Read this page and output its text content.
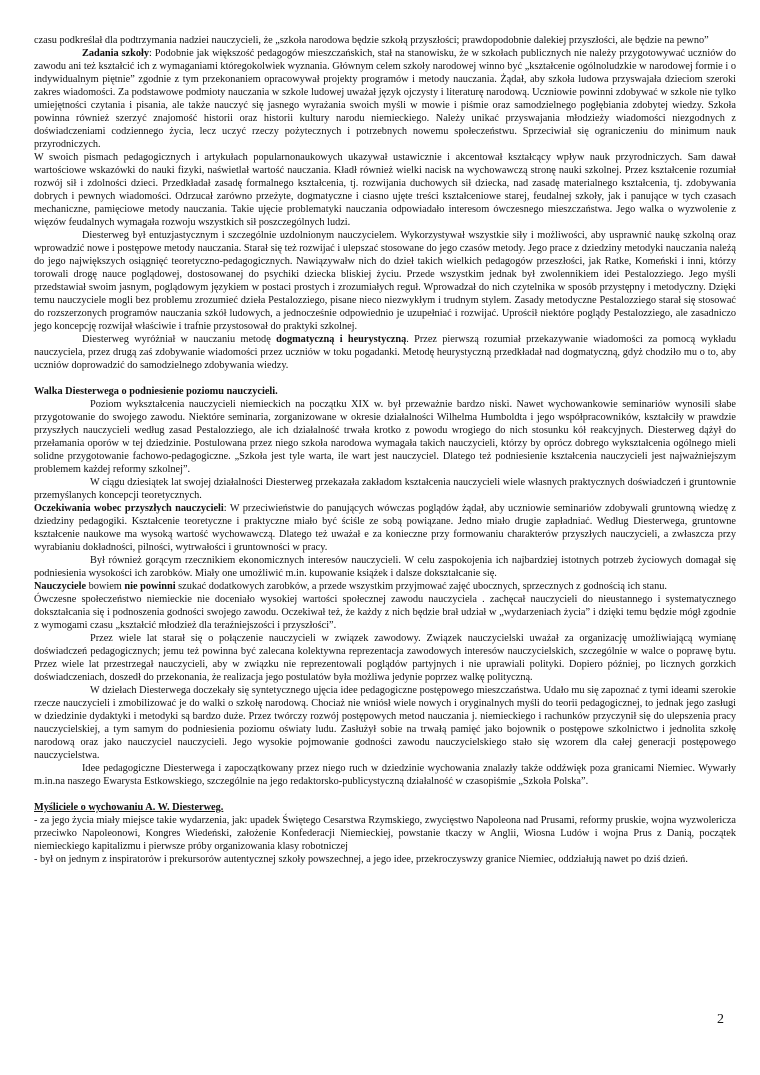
czasu podkreślał dla podtrzymania nadziei nauczycieli, że „szkoła narodowa będzie szkołą przyszłości; prawdopodobnie dalekiej przyszłości, ale będzie na pewno”

Zadania szkoły: Podobnie jak większość pedagogów mieszczańskich, stał na stanowisku, że w szkołach publicznych nie należy przygotowywać uczniów do zawodu ani też kształcić ich z wymaganiami któregokolwiek wyznania. Głównym celem szkoły narodowej winno być „kształcenie ogólnoludzkie w narodowej formie i o indywidualnym piętnie” zgodnie z tym przekonaniem opracowywał projekty programów i metody nauczania. Żądał, aby szkoła ludowa przyswajała dzieciom szeroki zakres wiadomości. Za podstawowe podmioty nauczania w szkole ludowej uważał język ojczysty i literaturę narodową. Uczniowie powinni zdobywać w szkole nie tylko umiejętności czytania i pisania, ale także nauczyć się jasnego wyrażania swoich myśli w mowie i piśmie oraz samodzielnego pogłębiania zdobytej wiedzy. Szkoła powinna również szerzyć znajomość historii oraz historii kultury narodu niemieckiego. Należy unikać przyswajania młodzieży wiadomości niezgodnych z doświadczeniami codziennego życia, lecz uczyć rzeczy pożytecznych i potrzebnych nowemu społeczeństwu. Sprzeciwiał się ograniczeniu do minimum nauk przyrodniczych.

W swoich pismach pedagogicznych i artykułach popularnonaukowych ukazywał ustawicznie i akcentował kształcący wpływ nauk przyrodniczych. Sam dawał wartościowe wskazówki do nauki fizyki, naświetlał wartość nauczania. Kładł również wielki nacisk na wychowawczą stronę nauki szkolnej. Przez kształcenie rozumiał rozwój sił i zdolności dzieci. Przedkładał zasadę formalnego kształcenia, tj. rozwijania duchowych sił dziecka, nad zasadę materialnego kształcenia, tj. zdobywania dobrych i pewnych wiadomości. Odrzucał zarówno przeżyte, dogmatyczne i ciasno ujęte treści kształceniowe starej, feudalnej szkoły, jak i panujące w tych czasach mechaniczne, pamięciowe metody nauczania. Takie ujęcie problematyki nauczania odpowiadało interesom ówczesnego mieszczaństwa. Jego walka o wyzwolenie z więzów feudalnych wymagała rozwoju wszystkich sił poszczególnych ludzi.

Diesterweg był entuzjastycznym i szczególnie uzdolnionym nauczycielem. Wykorzystywał wszystkie siły i możliwości, aby usprawnić naukę szkolną oraz wprowadzić nowe i postępowe metody nauczania. Starał się też rozwijać i ulepszać stosowane do jego czasów metody. Jego prace z dziedziny metodyki nauczania należą do jego największych osiągnięć teoretyczno-pedagogicznych. Nawiązywałw nich do dzieł takich wielkich pedagogów przeszłości, jak Ratke, Komeński i inni, którzy torowali drogę nauce poglądowej, dostosowanej do psychiki dziecka bliskiej życiu. Przede wszystkim jednak był zwolennikiem idei Pestalozziego. Jego myśli przedstawiał swoim jasnym, poglądowym językiem w postaci prostych i zrozumiałych reguł. Wprowadzał do nich czytelnika w sposób przystępny i metodyczny. Dzięki temu nauczyciele mogli bez problemu zrozumieć dzieła Pestalozziego, pisane nieco niezwykłym i trudnym stylem. Zasady metodyczne Pestalozziego starał się stosować do rozszerzonych programów nauczania szkół ludowych, a jednocześnie odpowiednio je uzupełniać i rozwijać. Uprościł niektóre poglądy Pestalozziego, ale zasadniczo jego koncepcję rozwijał właściwie i trafnie przystosował do praktyki szkolnej.

Diesterweg wyróżniał w nauczaniu metodę dogmatyczną i heurystyczną. Przez pierwszą rozumiał przekazywanie wiadomości za pomocą wykładu nauczyciela, przez drugą zaś zdobywanie wiadomości przez uczniów w toku pogadanki. Metodę heurystyczną przedkładał nad dogmatyczną, gdyż chodziło mu o to, aby uczniów doprowadzić do samodzielnego zdobywania wiedzy.

Walka Diesterwega o podniesienie poziomu nauczycieli.

Poziom wykształcenia nauczycieli niemieckich na początku XIX w. był przeważnie bardzo niski. Nawet wychowankowie seminariów wynosili słabe przygotowanie do swojego zawodu. Niektóre seminaria, zorganizowane w okresie działalności Wilhelma Humboldta i jego współpracowników, kształciły w prawdzie przyszłych nauczycieli według zasad Pestalozziego, ale ich działalność trwała krotko z powodu wrogiego do nich stosunku kół reakcyjnych. Diesterweg dążył do przełamania oporów w tej dziedzinie. Postulowana przez niego szkoła narodowa wymagała takich nauczycieli, którzy by oprócz dobrego wykształcenia ogólnego mieli solidne przygotowanie fachowo-pedagogiczne. „Szkoła jest tyle warta, ile wart jest nauczyciel. Dlatego też podniesienie kształcenia nauczycieli jest najważniejszym problemem każdej reformy szkolnej”.

W ciągu dziesiątek lat swojej działalności Diesterweg przekazała zakładom kształcenia nauczycieli wiele własnych praktycznych doświadczeń i gruntownie przemyślanych koncepcji teoretycznych.

Oczekiwania wobec przyszłych nauczycieli: W przeciwieństwie do panujących wówczas poglądów żądał, aby uczniowie seminariów zdobywali gruntowną wiedzę z dziedziny pedagogiki. Kształcenie teoretyczne i praktyczne miało być ściśle ze sobą powiązane. Jedno miało drugie zapładniać. Według Diesterwega, gruntowne kształcenie naukowe ma wysoką wartość wychowawczą. Dlatego też uważał e za konieczne przy formowaniu charakterów przyszłych nauczycieli, a zwłaszcza przy wyrabianiu dokładności, pilności, wytrwałości i gruntowności w pracy.

Był również gorącym rzecznikiem ekonomicznych interesów nauczycieli. W celu zaspokojenia ich najbardziej istotnych potrzeb życiowych domagał się podniesienia wysokości ich zarobków. Miały one umożliwić m.in. kupowanie książek i dalsze dokształcanie się.

Nauczyciele bowiem nie powinni szukać dodatkowych zarobków, a przede wszystkim przyjmować zajęć ubocznych, sprzecznych z godnością ich stanu.

Ówczesne społeczeństwo niemieckie nie doceniało wysokiej wartości społecznej zawodu nauczyciela . zachęcał nauczycieli do nieustannego i systematycznego dokształcania się i podnoszenia godności swojego zawodu. Oczekiwał też, że każdy z nich będzie brał udział w „wydarzeniach życia” i dzięki temu będzie mógł zgodnie z wymogami czasu „kształcić młodzież dla teraźniejszości i przyszłości”.

Przez wiele lat starał się o połączenie nauczycieli w związek zawodowy. Związek nauczycielski uważał za organizację umożliwiającą wymianę doświadczeń pedagogicznych; jemu też powinna być zalecana kolektywna reprezentacja zawodowych interesów nauczycielskich, szczególnie w walce o poprawę bytu. Przez wiele lat przestrzegał nauczycieli, aby w związku nie reprezentowali poglądów partyjnych i nie uprawiali polityki. Dopiero później, po licznych gorzkich doświadczeniach, doszedł do przekonania, że realizacja jego postulatów była możliwa jedynie poprzez walkę polityczną.

W dziełach Diesterwega doczekały się syntetycznego ujęcia idee pedagogiczne postępowego mieszczaństwa. Udało mu się zapoznać z tymi ideami szerokie rzecze nauczycieli i zmobilizować je do walki o szkołę narodową. Chociaż nie wniósł wiele nowych i oryginalnych myśli do teorii pedagogicznej, to jednak jego zasługi w dziedzinie dydaktyki i metodyki są bardzo duże. Przez twórczy rozwój postępowych metod nauczania j. niemieckiego i rachunków przyczynił się do ulepszenia pracy nauczycielskiej, a tym samym do podniesienia poziomu oświaty ludu. Zasłużył sobie na trwałą pamięć jako bojownik o postępowe szkolnictwo i jednolita szkołę narodową oraz jako nauczyciel nauczycieli. Jego wysokie pojmowanie godności zawodu nauczycielskiego stało się wzorem dla całej generacji postępowego nauczycielstwa.

Idee pedagogiczne Diesterwega i zapoczątkowany przez niego ruch w dziedzinie wychowania znalazły także oddźwięk poza granicami Niemiec. Wywarły m.in.na naszego Ewarysta Estkowskiego, szczególnie na jego redaktorsko-publicystyczną działalność w czasopiśmie „Szkoła Polska”.

Myśliciele o wychowaniu A. W. Diesterweg.
- za jego życia miały miejsce takie wydarzenia, jak: upadek Świętego Cesarstwa Rzymskiego, zwycięstwo Napoleona nad Prusami, reformy pruskie, wojna wyzwolericza przeciwko Napoleonowi, Kongres Wiedeński, założenie Konfederacji Niemieckiej, powstanie tkaczy w Anglii, Wiosna Ludów i wojna Prus z Danią, początek niemieckiego kapitalizmu i pierwsze próby organizowania klasy robotniczej
- był on jednym z inspiratorów i prekursorów autentycznej szkoły powszechnej, a jego idee, przekroczyswzy granice Niemiec, oddziałują nawet po dziś dzień.
2
